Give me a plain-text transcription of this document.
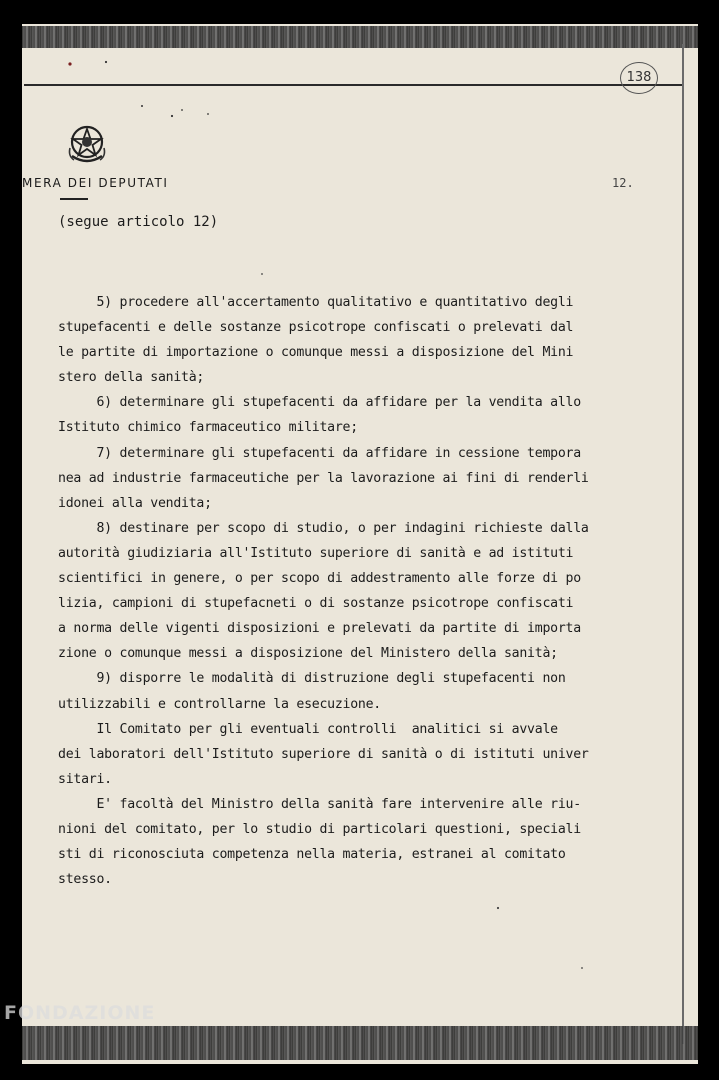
138
MERA DEI DEPUTATI	12.
(segue articolo 12)
5) procedere all'accertamento qualitativo e quantitativo degli
stupefacenti e delle sostanze psicotrope confiscati o prelevati dal
le partite di importazione o comunque messi a disposizione del Mini
stero della sanità;
6) determinare gli stupefacenti da affidare per la vendita allo
Istituto chimico farmaceutico militare;
7) determinare gli stupefacenti da affidare in cessione tempora
nea ad industrie farmaceutiche per la lavorazione ai fini di renderli
idonei alla vendita;
8) destinare per scopo di studio, o per indagini richieste dalla
autorità giudiziaria all'Istituto superiore di sanità e ad istituti
scientifici in genere, o per scopo di addestramento alle forze di po
lizia, campioni di stupefacneti o di sostanze psicotrope confiscati
a norma delle vigenti disposizioni e prelevati da partite di importa
zione o comunque messi a disposizione del Ministero della sanità;
9) disporre le modalità di distruzione degli stupefacenti non
utilizzabili e controllarne la esecuzione.
Il Comitato per gli eventuali controlli  analitici si avvale
dei laboratori dell'Istituto superiore di sanità o di istituti univer
sitari.
E' facoltà del Ministro della sanità fare intervenire alle riu-
nioni del comitato, per lo studio di particolari questioni, speciali
sti di riconosciuta competenza nella materia, estranei al comitato
stesso.
FONDAZIONE
